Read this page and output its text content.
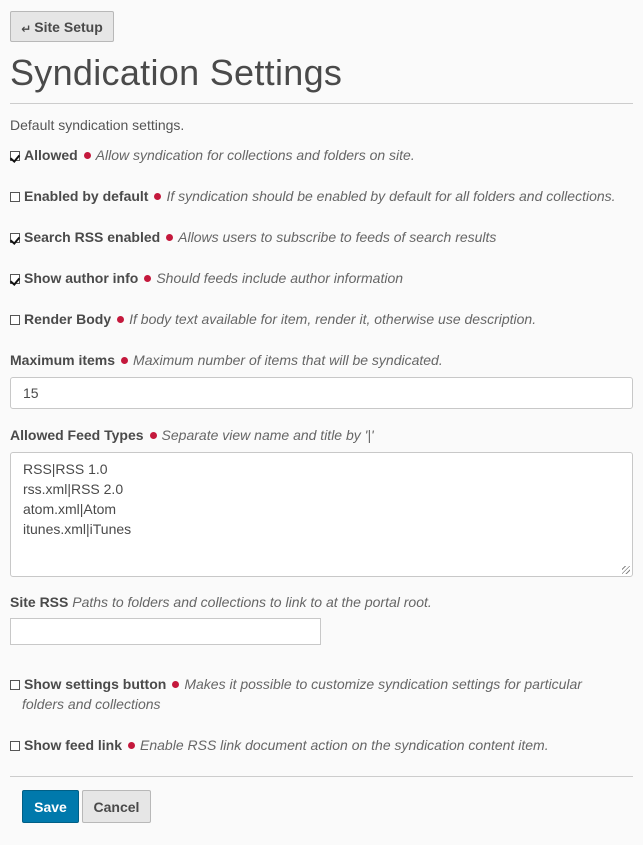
↵ Site Setup
Syndication Settings
Default syndication settings.
Allowed Allow syndication for collections and folders on site.
Enabled by default If syndication should be enabled by default for all folders and collections.
Search RSS enabled Allows users to subscribe to feeds of search results
Show author info Should feeds include author information
Render Body If body text available for item, render it, otherwise use description.
Maximum items Maximum number of items that will be syndicated.
15
Allowed Feed Types Separate view name and title by '|'
RSS|RSS 1.0
rss.xml|RSS 2.0
atom.xml|Atom
itunes.xml|iTunes
Site RSS Paths to folders and collections to link to at the portal root.
Show settings button Makes it possible to customize syndication settings for particular
folders and collections
Show feed link Enable RSS link document action on the syndication content item.
Save	Cancel
